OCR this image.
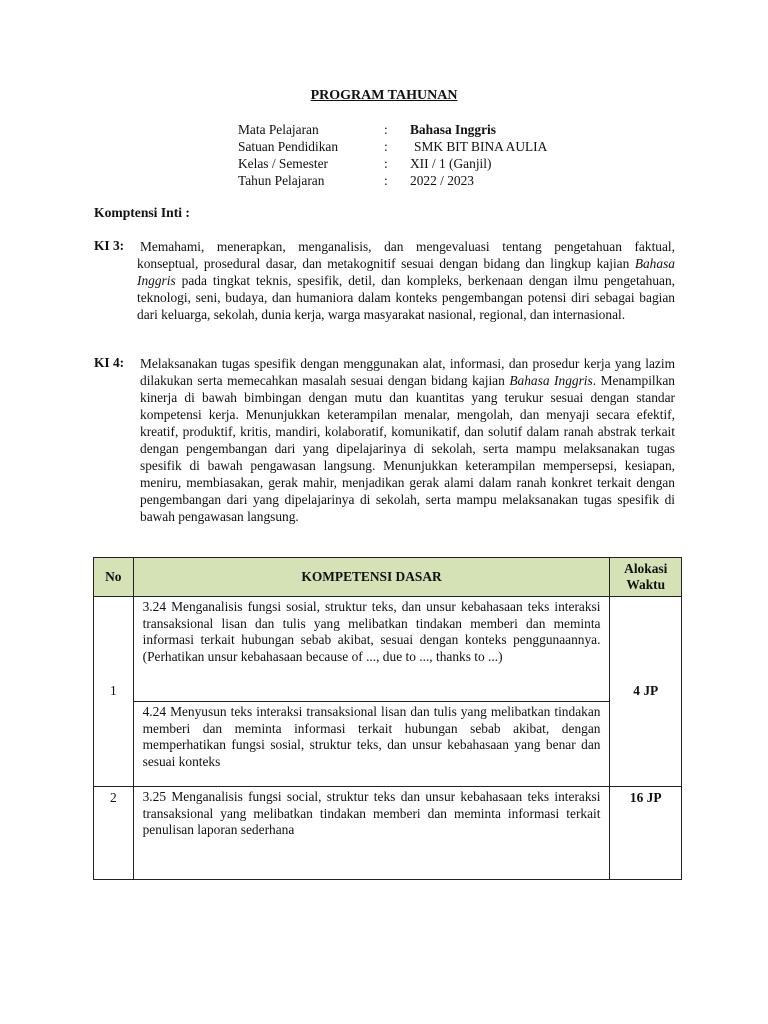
PROGRAM TAHUNAN
Mata Pelajaran	: Bahasa Inggris
Satuan Pendidikan	: SMK BIT BINA AULIA
Kelas / Semester	: XII / 1 (Ganjil)
Tahun Pelajaran	: 2022 / 2023
Komptensi Inti :
KI 3: Memahami, menerapkan, menganalisis, dan mengevaluasi tentang pengetahuan faktual, konseptual, prosedural dasar, dan metakognitif sesuai dengan bidang dan lingkup kajian Bahasa Inggris pada tingkat teknis, spesifik, detil, dan kompleks, berkenaan dengan ilmu pengetahuan, teknologi, seni, budaya, dan humaniora dalam konteks pengembangan potensi diri sebagai bagian dari keluarga, sekolah, dunia kerja, warga masyarakat nasional, regional, dan internasional.
KI 4: Melaksanakan tugas spesifik dengan menggunakan alat, informasi, dan prosedur kerja yang lazim dilakukan serta memecahkan masalah sesuai dengan bidang kajian Bahasa Inggris. Menampilkan kinerja di bawah bimbingan dengan mutu dan kuantitas yang terukur sesuai dengan standar kompetensi kerja. Menunjukkan keterampilan menalar, mengolah, dan menyaji secara efektif, kreatif, produktif, kritis, mandiri, kolaboratif, komunikatif, dan solutif dalam ranah abstrak terkait dengan pengembangan dari yang dipelajarinya di sekolah, serta mampu melaksanakan tugas spesifik di bawah pengawasan langsung. Menunjukkan keterampilan mempersepsi, kesiapan, meniru, membiasakan, gerak mahir, menjadikan gerak alami dalam ranah konkret terkait dengan pengembangan dari yang dipelajarinya di sekolah, serta mampu melaksanakan tugas spesifik di bawah pengawasan langsung.
No	KOMPETENSI DASAR	Alokasi Waktu
1	3.24 Menganalisis fungsi sosial, struktur teks, dan unsur kebahasaan teks interaksi transaksional lisan dan tulis yang melibatkan tindakan memberi dan meminta informasi terkait hubungan sebab akibat, sesuai dengan konteks penggunaannya. (Perhatikan unsur kebahasaan because of ..., due to ..., thanks to ...)
4.24 Menyusun teks interaksi transaksional lisan dan tulis yang melibatkan tindakan memberi dan meminta informasi terkait hubungan sebab akibat, dengan memperhatikan fungsi sosial, struktur teks, dan unsur kebahasaan yang benar dan sesuai konteks	4 JP
2	3.25 Menganalisis fungsi social, struktur teks dan unsur kebahasaan teks interaksi transaksional yang melibatkan tindakan memberi dan meminta informasi terkait penulisan laporan sederhana	16 JP
